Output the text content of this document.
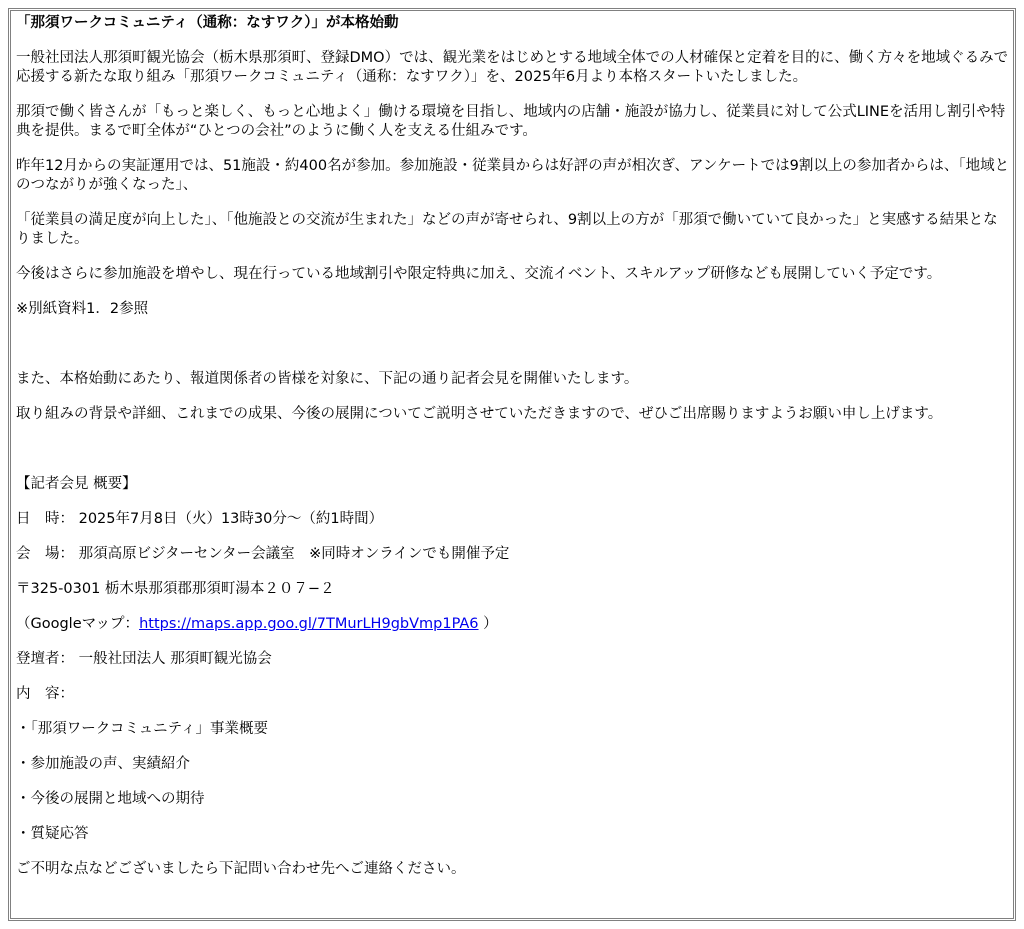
「那須ワークコミュニティ（通称：なすワク）」が本格始動

一般社団法人那須町観光協会（栃木県那須町、登録DMO）では、観光業をはじめとする地域全体での人材確保と定着を目的に、働く方々を地域ぐるみで応援する新たな取り組み「那須ワークコミュニティ（通称：なすワク）」を、2025年6月より本格スタートいたしました。

那須で働く皆さんが「もっと楽しく、もっと心地よく」働ける環境を目指し、地域内の店舗・施設が協力し、従業員に対して公式LINEを活用し割引や特典を提供。まるで町全体が“ひとつの会社”のように働く人を支える仕組みです。

昨年12月からの実証運用では、51施設・約400名が参加。参加施設・従業員からは好評の声が相次ぎ、アンケートでは9割以上の参加者からは、「地域とのつながりが強くなった」、

「従業員の満足度が向上した」、「他施設との交流が生まれた」などの声が寄せられ、9割以上の方が「那須で働いていて良かった」と実感する結果となりました。

今後はさらに参加施設を増やし、現在行っている地域割引や限定特典に加え、交流イベント、スキルアップ研修なども展開していく予定です。

※別紙資料1．2参照

また、本格始動にあたり、報道関係者の皆様を対象に、下記の通り記者会見を開催いたします。

取り組みの背景や詳細、これまでの成果、今後の展開についてご説明させていただきますので、ぜひご出席賜りますようお願い申し上げます。

【記者会見 概要】

日　時： 2025年7月8日（火）13時30分～（約1時間）

会　場： 那須高原ビジターセンター会議室　※同時オンラインでも開催予定

〒325-0301 栃木県那須郡那須町湯本２０７−２

（Googleマップ：https://maps.app.goo.gl/7TMurLH9gbVmp1PA6 ）

登壇者： 一般社団法人 那須町観光協会

内　容：

・「那須ワークコミュニティ」事業概要

・参加施設の声、実績紹介

・今後の展開と地域への期待

・質疑応答

ご不明な点などございましたら下記問い合わせ先へご連絡ください。
